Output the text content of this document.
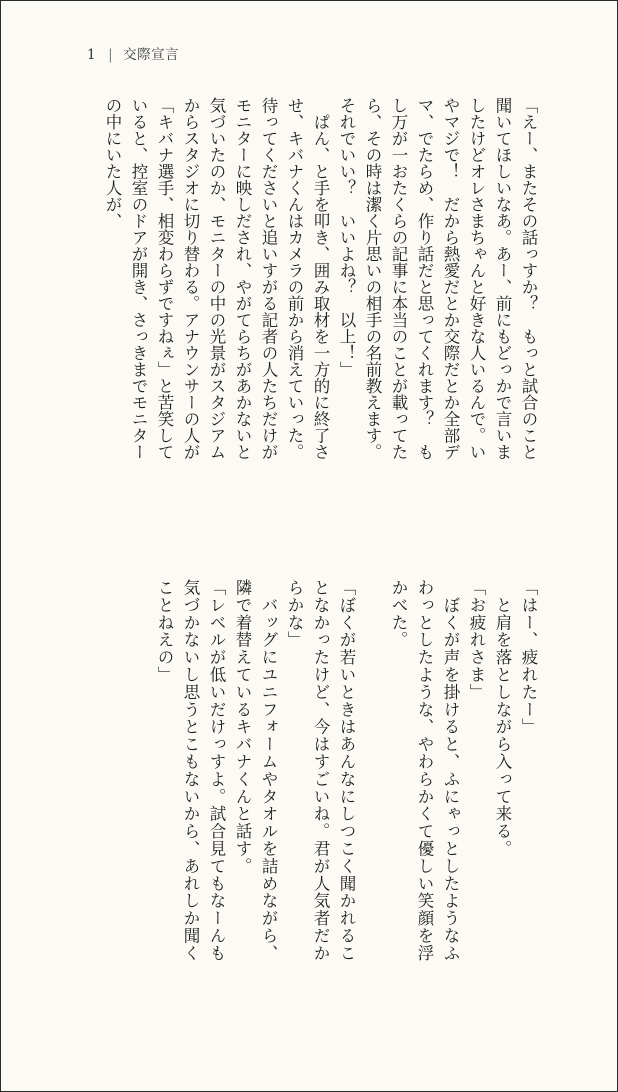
1 | 交際宣言
「えー、またその話っすか？　もっと試合のこと
聞いてほしいなあ。あー、前にもどっかで言いま
したけどオレさまちゃんと好きな人いるんで。い
やマジで！　だから熱愛だとか交際だとか全部デ
マ、でたらめ、作り話だと思ってくれます？　も
し万が一おたくらの記事に本当のことが載ってた
ら、その時は潔く片思いの相手の名前教えます。
それでいい？　いいよね？　以上！」
　ぱん、と手を叩き、囲み取材を一方的に終了さ
せ、キバナくんはカメラの前から消えていった。
待ってくださいと追いすがる記者の人たちだけが
モニターに映しだされ、やがてらちがあかないと
気づいたのか、モニターの中の光景がスタジアム
からスタジオに切り替わる。アナウンサーの人が
「キバナ選手、相変わらずですねぇ」と苦笑して
いると、控室のドアが開き、さっきまでモニター
の中にいた人が、
「はー、疲れたー」
　と肩を落としながら入って来る。
「お疲れさま」
　ぼくが声を掛けると、ふにゃっとしたようなふ
わっとしたような、やわらかくて優しい笑顔を浮
かべた。

「ぼくが若いときはあんなにしつこく聞かれるこ
となかったけど、今はすごいね。君が人気者だか
らかな」
　バッグにユニフォームやタオルを詰めながら、
隣で着替えているキバナくんと話す。
「レベルが低いだけっすよ。試合見てもなーんも
気づかないし思うとこもないから、あれしか聞く
ことねえの」
